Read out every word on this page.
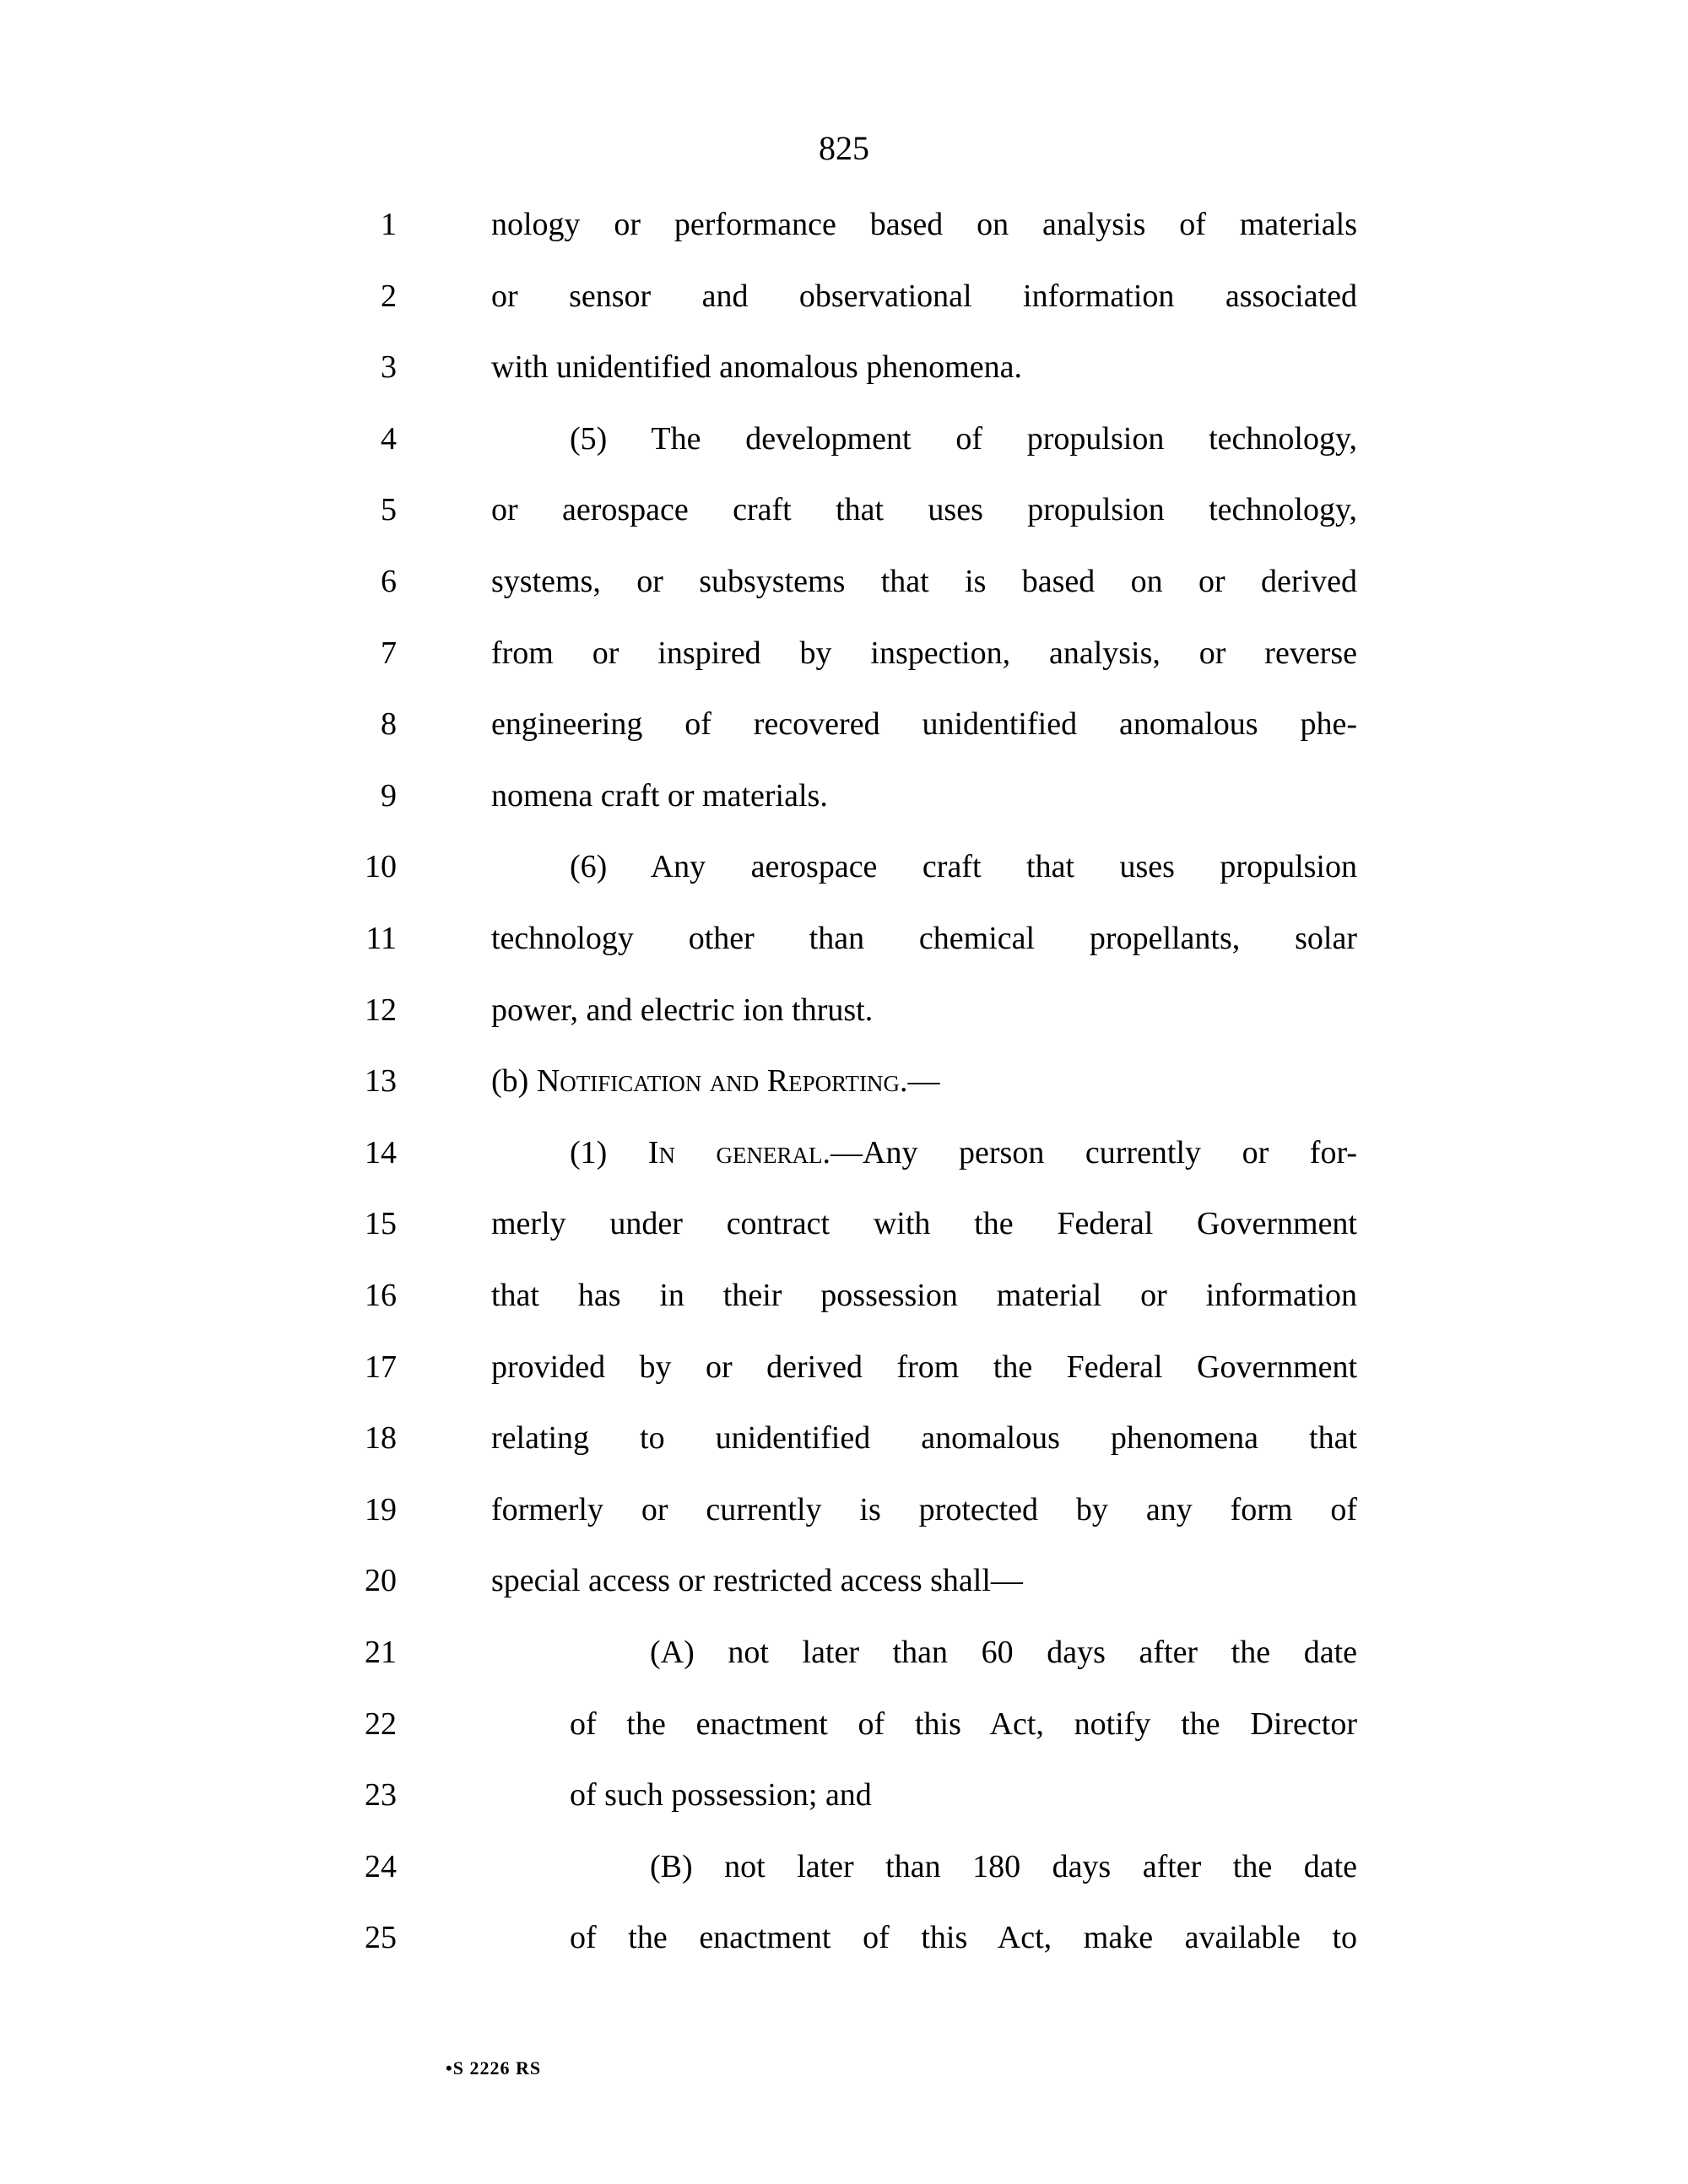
825
1	nology or performance based on analysis of materials
2	or sensor and observational information associated
3	with unidentified anomalous phenomena.
4	(5) The development of propulsion technology,
5	or aerospace craft that uses propulsion technology,
6	systems, or subsystems that is based on or derived
7	from or inspired by inspection, analysis, or reverse
8	engineering of recovered unidentified anomalous phe-
9	nomena craft or materials.
10	(6) Any aerospace craft that uses propulsion
11	technology other than chemical propellants, solar
12	power, and electric ion thrust.
13	(b) Notification and Reporting.—
14	(1) In general.—Any person currently or for-
15	merly under contract with the Federal Government
16	that has in their possession material or information
17	provided by or derived from the Federal Government
18	relating to unidentified anomalous phenomena that
19	formerly or currently is protected by any form of
20	special access or restricted access shall—
21	(A) not later than 60 days after the date
22	of the enactment of this Act, notify the Director
23	of such possession; and
24	(B) not later than 180 days after the date
25	of the enactment of this Act, make available to
•S 2226 RS
